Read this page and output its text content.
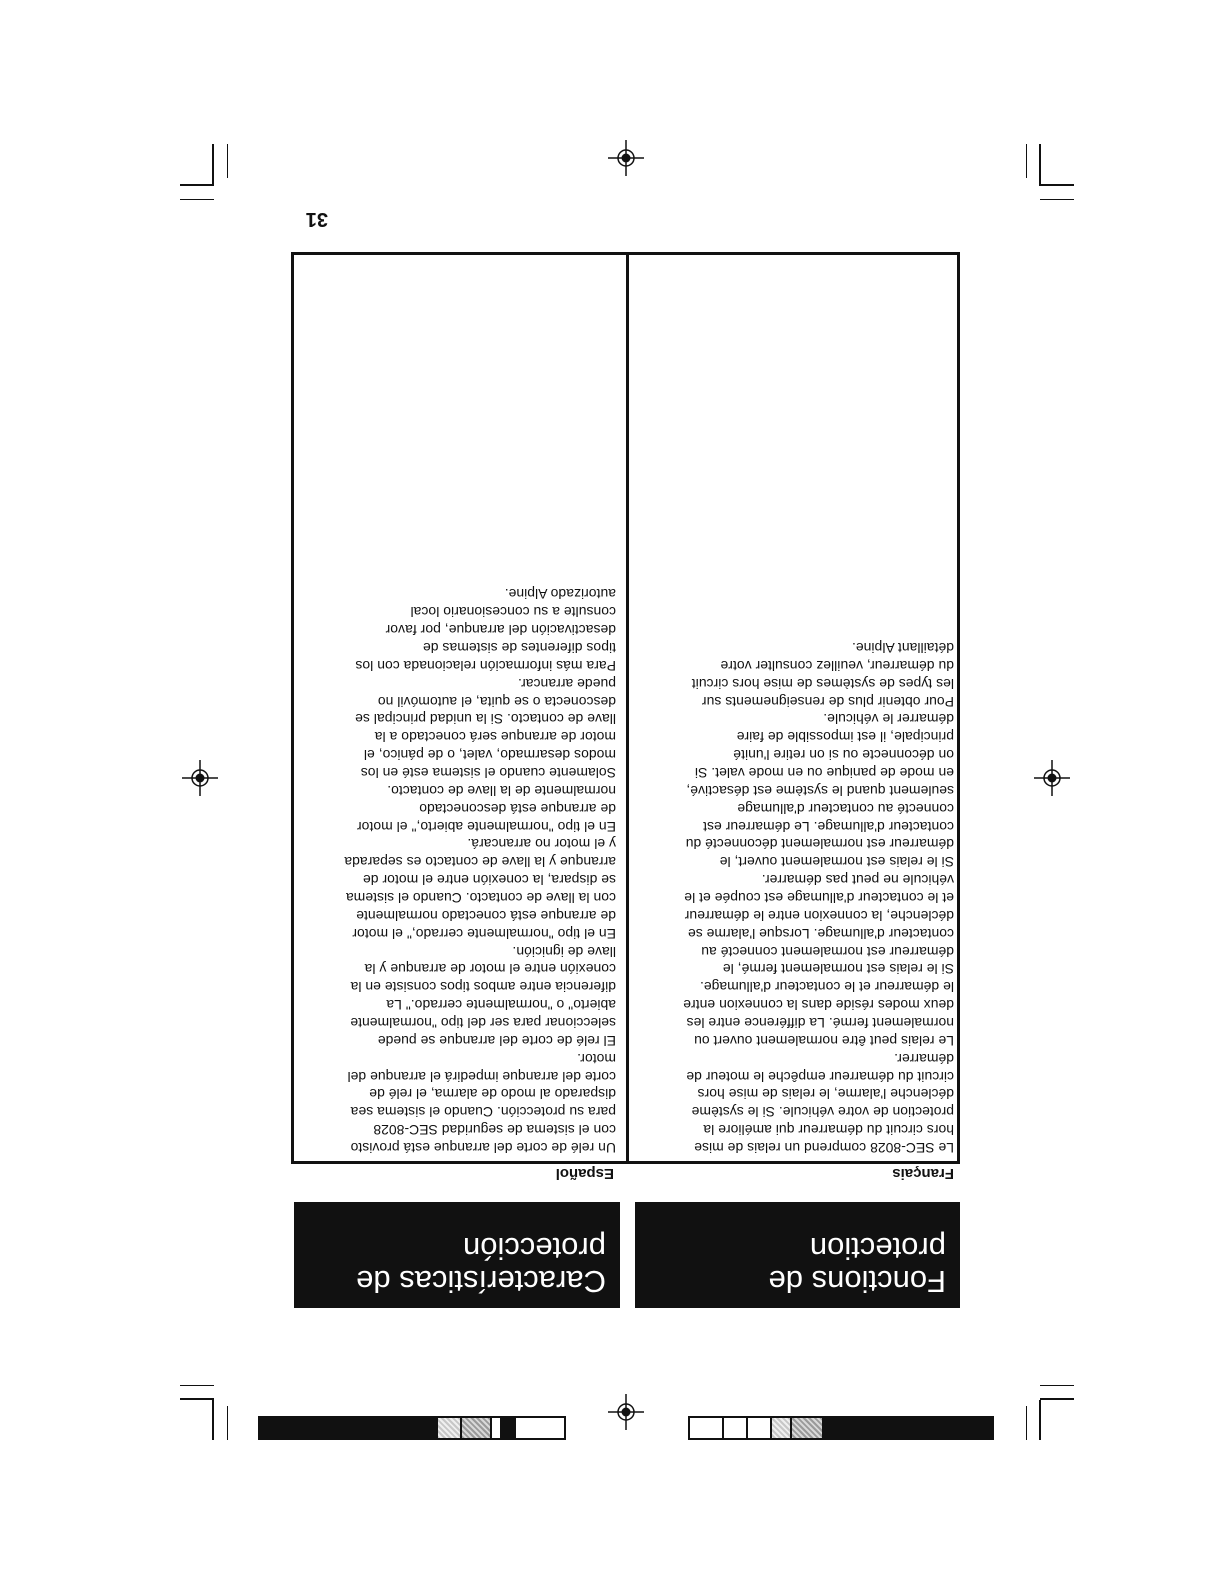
Fonctions de
protection
Características de
protección
Français
Español

Le SEC-8028 comprend un relais de mise
hors circuit du démarreur qui améliore la
protection de votre véhicule. Si le système
déclenche l'alarme, le relais de mise hors
circuit du démarreur empêche le moteur de
démarrer.

Le relais peut être normalement ouvert ou
normalement fermé. La différence entre les
deux modes réside dans la connexion entre
le démarreur et le contacteur d'allumage.

Si le relais est normalement fermé, le
démarreur est normalement connecté au
contacteur d'allumage. Lorsque l'alarme se
déclenche, la connexion entre le démarreur
et le contacteur d'allumage est coupée et le
véhicule ne peut pas démarrer.

Si le relais est normalement ouvert, le
démarreur est normalement déconnecté du
contacteur d'allumage. Le démarreur est
connecté au contacteur d'allumage
seulement quand le système est désactivé,
en mode de panique ou en mode valet. Si
on déconnecte ou si on retire l'unité
principale, il est impossible de faire
démarrer le véhicule.

Pour obtenir plus de renseignements sur
les types de systèmes de mise hors circuit
du démarreur, veuillez consulter votre
détaillant Alpine.

Un relé de corte del arranque está provisto
con el sistema de seguridad SEC-8028
para su protección. Cuando el sistema sea
disparado al modo de alarma, el relé de
corte del arranque impedirá el arranque del
motor.

El relé de corte del arranque se puede
seleccionar para ser del tipo "normalmente
abierto" o "normalmente cerrado." La
diferencia entre ambos tipos consiste en la
conexión entre el motor de arranque y la
llave de ignición.

En el tipo "normalmente cerrado," el motor
de arranque está conectado normalmente
con la llave de contacto. Cuando el sistema
se dispara, la conexión entre el motor de
arranque y la llave de contacto es separada
y el motor no arrancará.

En el tipo "normalmente abierto," el motor
de arranque está desconectado
normalmente de la llave de contacto.
Solamente cuando el sistema esté en los
modos desarmado, valet, o de pánico, el
motor de arranque será conectado a la
llave de contacto. Si la unidad principal se
desconecta o se quita, el automóvil no
puede arrancar.

Para más información relacionada con los
tipos diferentes de sistemas de
desactivación del arranque, por favor
consulte a su concesionario local
autorizado Alpine.

31
